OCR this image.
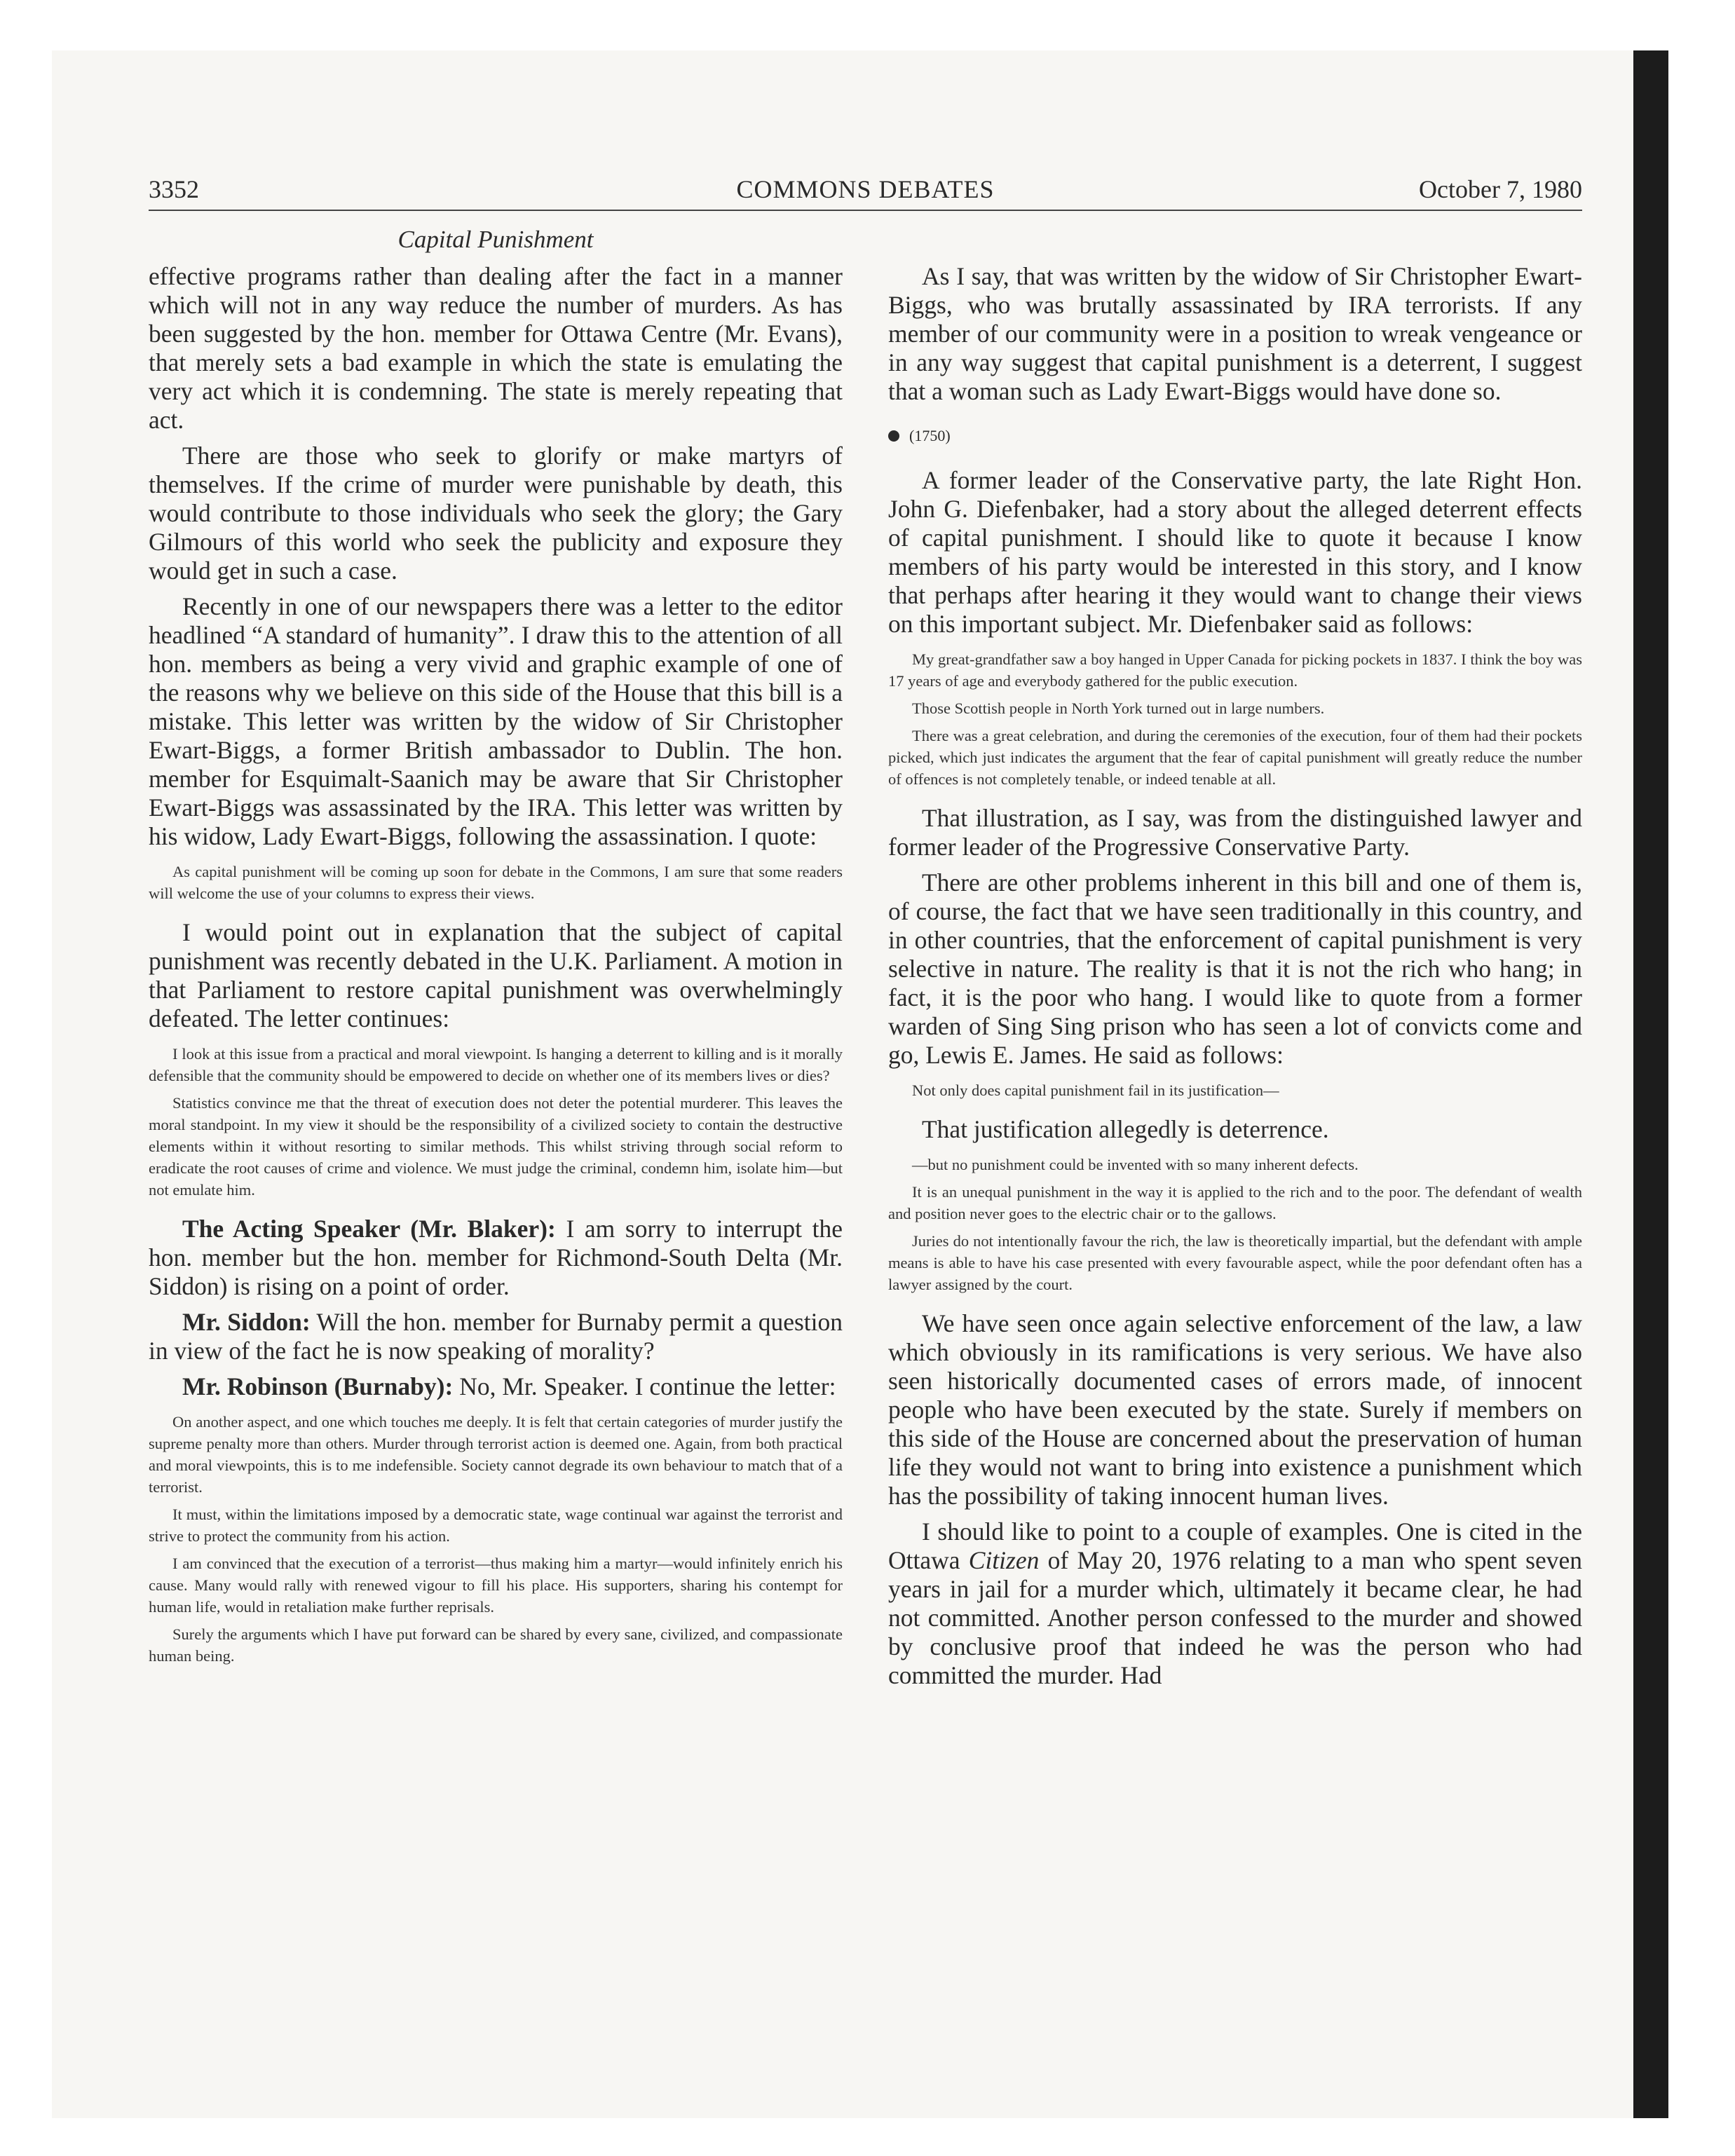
3352	COMMONS DEBATES	October 7, 1980
Capital Punishment

effective programs rather than dealing after the fact in a manner which will not in any way reduce the number of murders. As has been suggested by the hon. member for Ottawa Centre (Mr. Evans), that merely sets a bad example in which the state is emulating the very act which it is condemning. The state is merely repeating that act.

There are those who seek to glorify or make martyrs of themselves. If the crime of murder were punishable by death, this would contribute to those individuals who seek the glory; the Gary Gilmours of this world who seek the publicity and exposure they would get in such a case.

Recently in one of our newspapers there was a letter to the editor headlined “A standard of humanity”. I draw this to the attention of all hon. members as being a very vivid and graphic example of one of the reasons why we believe on this side of the House that this bill is a mistake. This letter was written by the widow of Sir Christopher Ewart-Biggs, a former British ambassador to Dublin. The hon. member for Esquimalt-Saanich may be aware that Sir Christopher Ewart-Biggs was assassinated by the IRA. This letter was written by his widow, Lady Ewart-Biggs, following the assassination. I quote:

As capital punishment will be coming up soon for debate in the Commons, I am sure that some readers will welcome the use of your columns to express their views.

I would point out in explanation that the subject of capital punishment was recently debated in the U.K. Parliament. A motion in that Parliament to restore capital punishment was overwhelmingly defeated. The letter continues:

I look at this issue from a practical and moral viewpoint. Is hanging a deterrent to killing and is it morally defensible that the community should be empowered to decide on whether one of its members lives or dies?

Statistics convince me that the threat of execution does not deter the potential murderer. This leaves the moral standpoint. In my view it should be the responsibility of a civilized society to contain the destructive elements within it without resorting to similar methods. This whilst striving through social reform to eradicate the root causes of crime and violence. We must judge the criminal, condemn him, isolate him—but not emulate him.

The Acting Speaker (Mr. Blaker): I am sorry to interrupt the hon. member but the hon. member for Richmond-South Delta (Mr. Siddon) is rising on a point of order.

Mr. Siddon: Will the hon. member for Burnaby permit a question in view of the fact he is now speaking of morality?

Mr. Robinson (Burnaby): No, Mr. Speaker. I continue the letter:

On another aspect, and one which touches me deeply. It is felt that certain categories of murder justify the supreme penalty more than others. Murder through terrorist action is deemed one. Again, from both practical and moral viewpoints, this is to me indefensible. Society cannot degrade its own behaviour to match that of a terrorist.

It must, within the limitations imposed by a democratic state, wage continual war against the terrorist and strive to protect the community from his action.

I am convinced that the execution of a terrorist—thus making him a martyr—would infinitely enrich his cause. Many would rally with renewed vigour to fill his place. His supporters, sharing his contempt for human life, would in retaliation make further reprisals.

Surely the arguments which I have put forward can be shared by every sane, civilized, and compassionate human being.

As I say, that was written by the widow of Sir Christopher Ewart-Biggs, who was brutally assassinated by IRA terrorists. If any member of our community were in a position to wreak vengeance or in any way suggest that capital punishment is a deterrent, I suggest that a woman such as Lady Ewart-Biggs would have done so.

(1750)

A former leader of the Conservative party, the late Right Hon. John G. Diefenbaker, had a story about the alleged deterrent effects of capital punishment. I should like to quote it because I know members of his party would be interested in this story, and I know that perhaps after hearing it they would want to change their views on this important subject. Mr. Diefenbaker said as follows:

My great-grandfather saw a boy hanged in Upper Canada for picking pockets in 1837. I think the boy was 17 years of age and everybody gathered for the public execution.

Those Scottish people in North York turned out in large numbers.

There was a great celebration, and during the ceremonies of the execution, four of them had their pockets picked, which just indicates the argument that the fear of capital punishment will greatly reduce the number of offences is not completely tenable, or indeed tenable at all.

That illustration, as I say, was from the distinguished lawyer and former leader of the Progressive Conservative Party.

There are other problems inherent in this bill and one of them is, of course, the fact that we have seen traditionally in this country, and in other countries, that the enforcement of capital punishment is very selective in nature. The reality is that it is not the rich who hang; in fact, it is the poor who hang. I would like to quote from a former warden of Sing Sing prison who has seen a lot of convicts come and go, Lewis E. James. He said as follows:

Not only does capital punishment fail in its justification—

That justification allegedly is deterrence.

—but no punishment could be invented with so many inherent defects.

It is an unequal punishment in the way it is applied to the rich and to the poor. The defendant of wealth and position never goes to the electric chair or to the gallows.

Juries do not intentionally favour the rich, the law is theoretically impartial, but the defendant with ample means is able to have his case presented with every favourable aspect, while the poor defendant often has a lawyer assigned by the court.

We have seen once again selective enforcement of the law, a law which obviously in its ramifications is very serious. We have also seen historically documented cases of errors made, of innocent people who have been executed by the state. Surely if members on this side of the House are concerned about the preservation of human life they would not want to bring into existence a punishment which has the possibility of taking innocent human lives.

I should like to point to a couple of examples. One is cited in the Ottawa Citizen of May 20, 1976 relating to a man who spent seven years in jail for a murder which, ultimately it became clear, he had not committed. Another person confessed to the murder and showed by conclusive proof that indeed he was the person who had committed the murder. Had
